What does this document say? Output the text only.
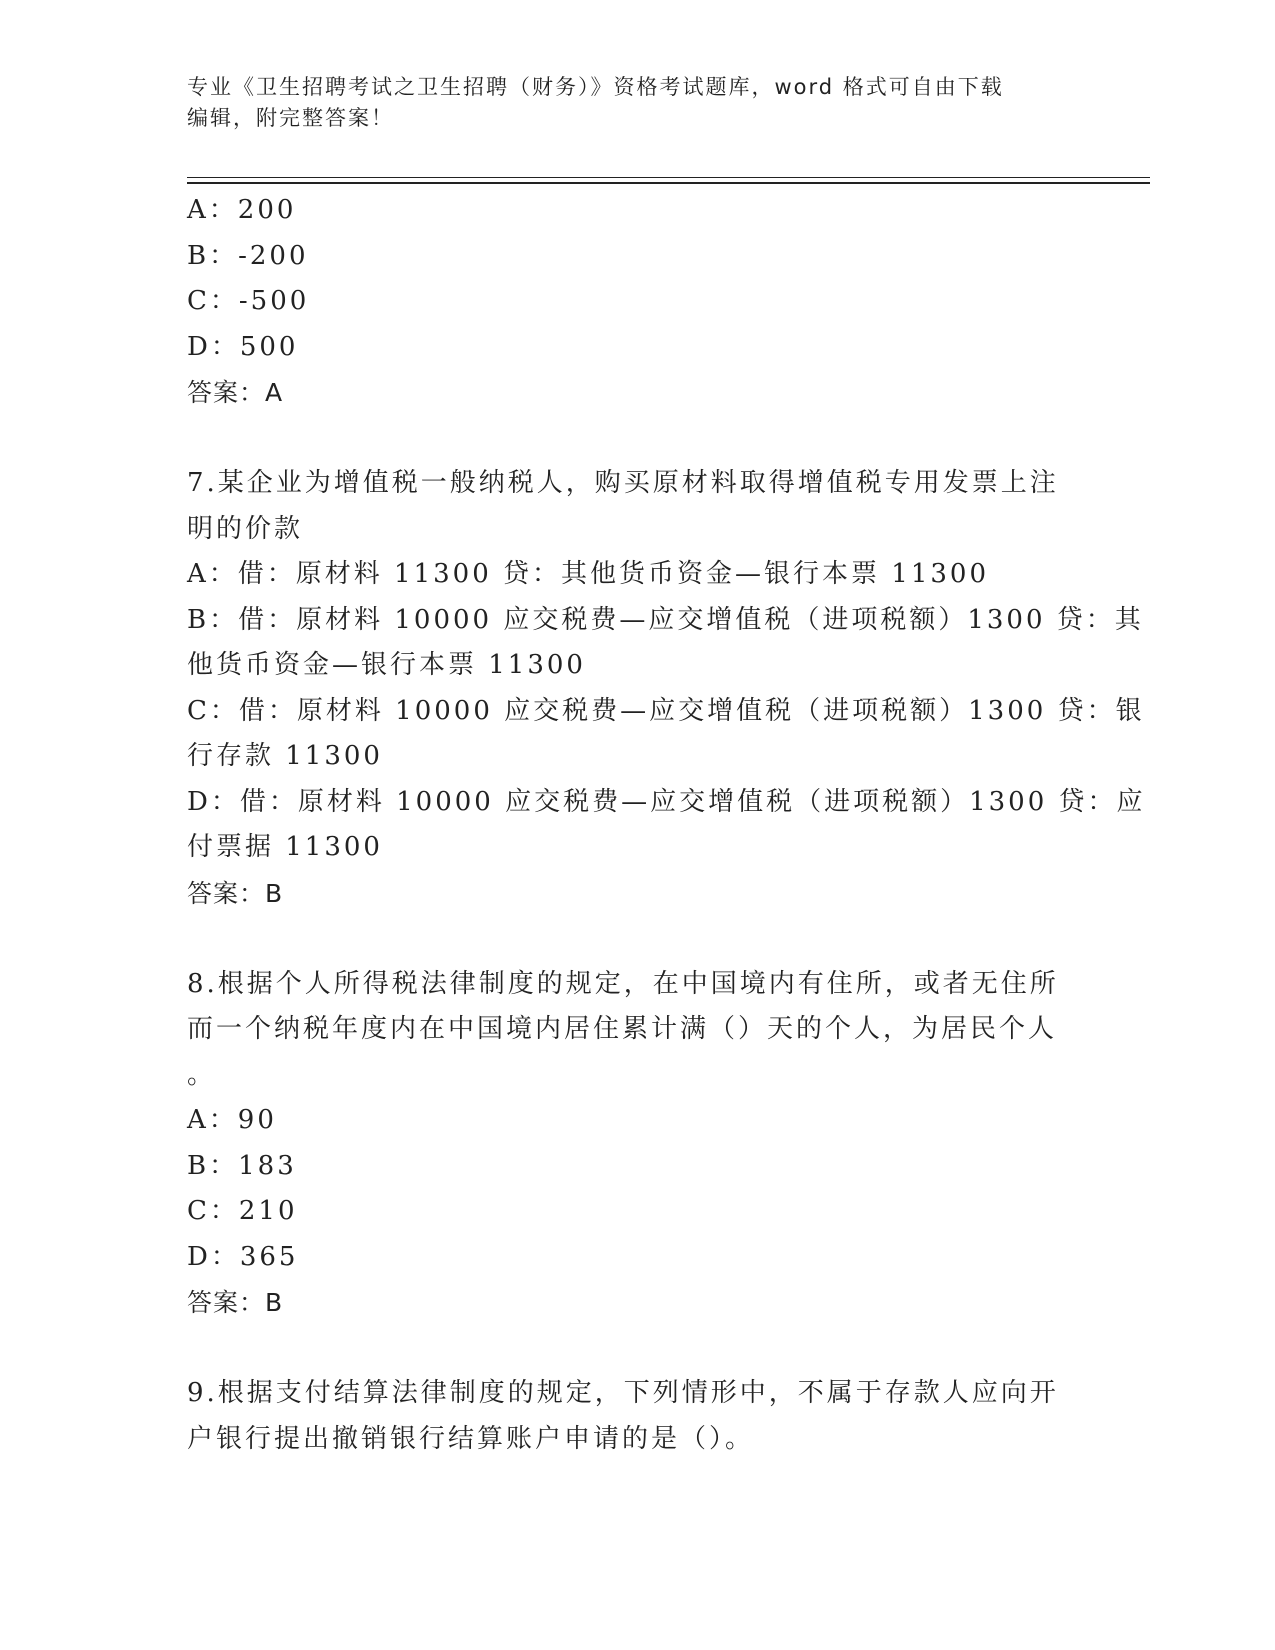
专业《卫生招聘考试之卫生招聘（财务）》资格考试题库，word 格式可自由下载
编辑，附完整答案！
A：200
B：-200
C：-500
D：500
答案：A
7.某企业为增值税一般纳税人，购买原材料取得增值税专用发票上注
明的价款
A：借：原材料 11300 贷：其他货币资金—银行本票 11300
B：借：原材料 10000 应交税费—应交增值税（进项税额）1300 贷：其
他货币资金—银行本票 11300
C：借：原材料 10000 应交税费—应交增值税（进项税额）1300 贷：银
行存款 11300
D：借：原材料 10000 应交税费—应交增值税（进项税额）1300 贷：应
付票据 11300
答案：B
8.根据个人所得税法律制度的规定，在中国境内有住所，或者无住所
而一个纳税年度内在中国境内居住累计满（）天的个人，为居民个人
。
A：90
B：183
C：210
D：365
答案：B
9.根据支付结算法律制度的规定，下列情形中，不属于存款人应向开
户银行提出撤销银行结算账户申请的是（）。
